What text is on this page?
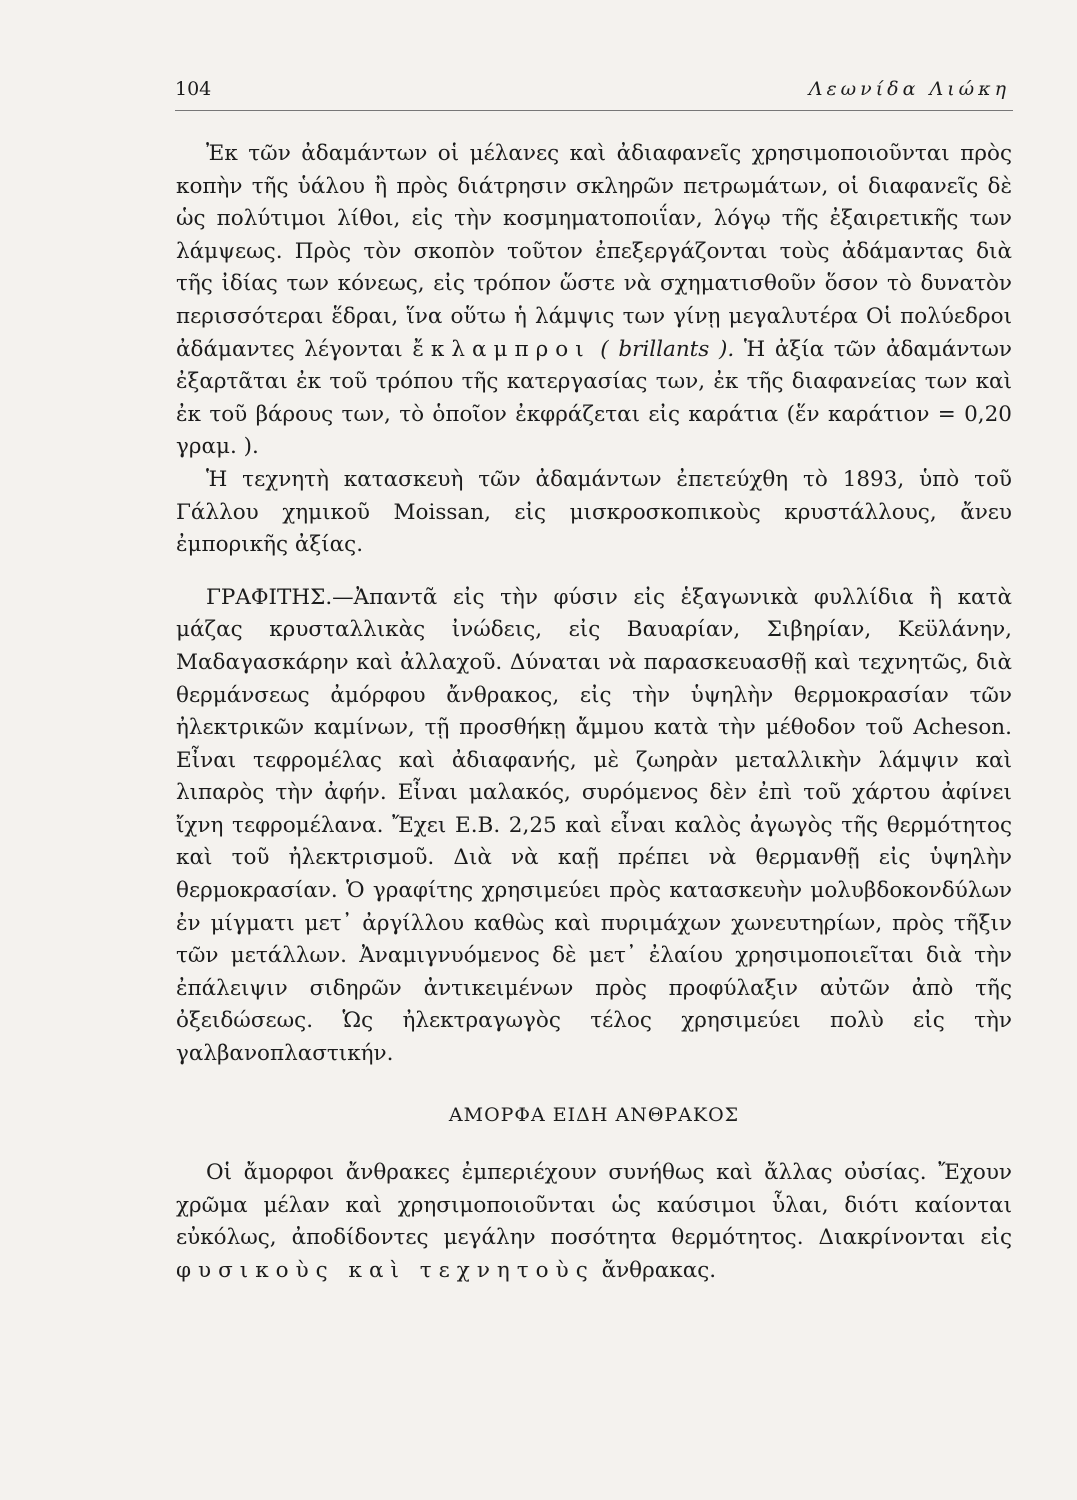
104	Λεωνίδα Λιώκη

Ἐκ τῶν ἀδαμάντων οἱ μέλανες καὶ ἀδιαφανεῖς χρησιμοποιοῦνται πρὸς κοπὴν τῆς ὑάλου ἢ πρὸς διάτρησιν σκληρῶν πετρωμάτων, οἱ διαφανεῖς δὲ ὡς πολύτιμοι λίθοι, εἰς τὴν κοσμηματοποιΐαν, λόγῳ τῆς ἐξαιρετικῆς των λάμψεως. Πρὸς τὸν σκοπὸν τοῦτον ἐπεξεργάζονται τοὺς ἀδάμαντας διὰ τῆς ἰδίας των κόνεως, εἰς τρόπον ὥστε νὰ σχηματισθοῦν ὅσον τὸ δυνατὸν περισσότεραι ἕδραι, ἵνα οὕτω ἡ λάμψις των γίνῃ μεγαλυτέρα Οἱ πολύεδροι ἀδάμαντες λέγονται ἔκλαμπροι ( brillants ). Ἡ ἀξία τῶν ἀδαμάντων ἐξαρτᾶται ἐκ τοῦ τρόπου τῆς κατεργασίας των, ἐκ τῆς διαφανείας των καὶ ἐκ τοῦ βάρους των, τὸ ὁποῖον ἐκφράζεται εἰς καράτια (ἕν καράτιον = 0,20 γραμ. ).

Ἡ τεχνητὴ κατασκευὴ τῶν ἀδαμάντων ἐπετεύχθη τὸ 1893, ὑπὸ τοῦ Γάλλου χημικοῦ Moissan, εἰς μισκροσκοπικοὺς κρυστάλλους, ἄνευ ἐμπορικῆς ἀξίας.

ΓΡΑΦΙΤΗΣ.—Ἀπαντᾶ εἰς τὴν φύσιν εἰς ἑξαγωνικὰ φυλλίδια ἢ κατὰ μάζας κρυσταλλικὰς ἰνώδεις, εἰς Βαυαρίαν, Σιβηρίαν, Κεϋλάνην, Μαδαγασκάρην καὶ ἀλλαχοῦ. Δύναται νὰ παρασκευασθῇ καὶ τεχνητῶς, διὰ θερμάνσεως ἀμόρφου ἄνθρακος, εἰς τὴν ὑψηλὴν θερμοκρασίαν τῶν ἠλεκτρικῶν καμίνων, τῇ προσθήκῃ ἄμμου κατὰ τὴν μέθοδον τοῦ Acheson. Εἶναι τεφρομέλας καὶ ἀδιαφανής, μὲ ζωηρὰν μεταλλικὴν λάμψιν καὶ λιπαρὸς τὴν ἀφήν. Εἶναι μαλακός, συρόμενος δὲν ἐπὶ τοῦ χάρτου ἀφίνει ἴχνη τεφρομέλανα. Ἔχει Ε.Β. 2,25 καὶ εἶναι καλὸς ἀγωγὸς τῆς θερμότητος καὶ τοῦ ἠλεκτρισμοῦ. Διὰ νὰ καῇ πρέπει νὰ θερμανθῇ εἰς ὑψηλὴν θερμοκρασίαν. Ὁ γραφίτης χρησιμεύει πρὸς κατασκευὴν μολυβδοκονδύλων ἐν μίγματι μετ᾽ ἀργίλλου καθὼς καὶ πυριμάχων χωνευτηρίων, πρὸς τῆξιν τῶν μετάλλων. Ἀναμιγνυόμενος δὲ μετ᾽ ἐλαίου χρησιμοποιεῖται διὰ τὴν ἐπάλειψιν σιδηρῶν ἀντικειμένων πρὸς προφύλαξιν αὐτῶν ἀπὸ τῆς ὀξειδώσεως. Ὡς ἠλεκτραγωγὸς τέλος χρησιμεύει πολὺ εἰς τὴν γαλβανοπλαστικήν.

ΑΜΟΡΦΑ ΕΙΔΗ ΑΝΘΡΑΚΟΣ

Οἱ ἄμορφοι ἄνθρακες ἐμπεριέχουν συνήθως καὶ ἄλλας οὐσίας. Ἔχουν χρῶμα μέλαν καὶ χρησιμοποιοῦνται ὡς καύσιμοι ὗλαι, διότι καίονται εὐκόλως, ἀποδίδοντες μεγάλην ποσότητα θερμότητος. Διακρίνονται εἰς φυσικοὺς καὶ τεχνητοὺς ἄνθρακας.
